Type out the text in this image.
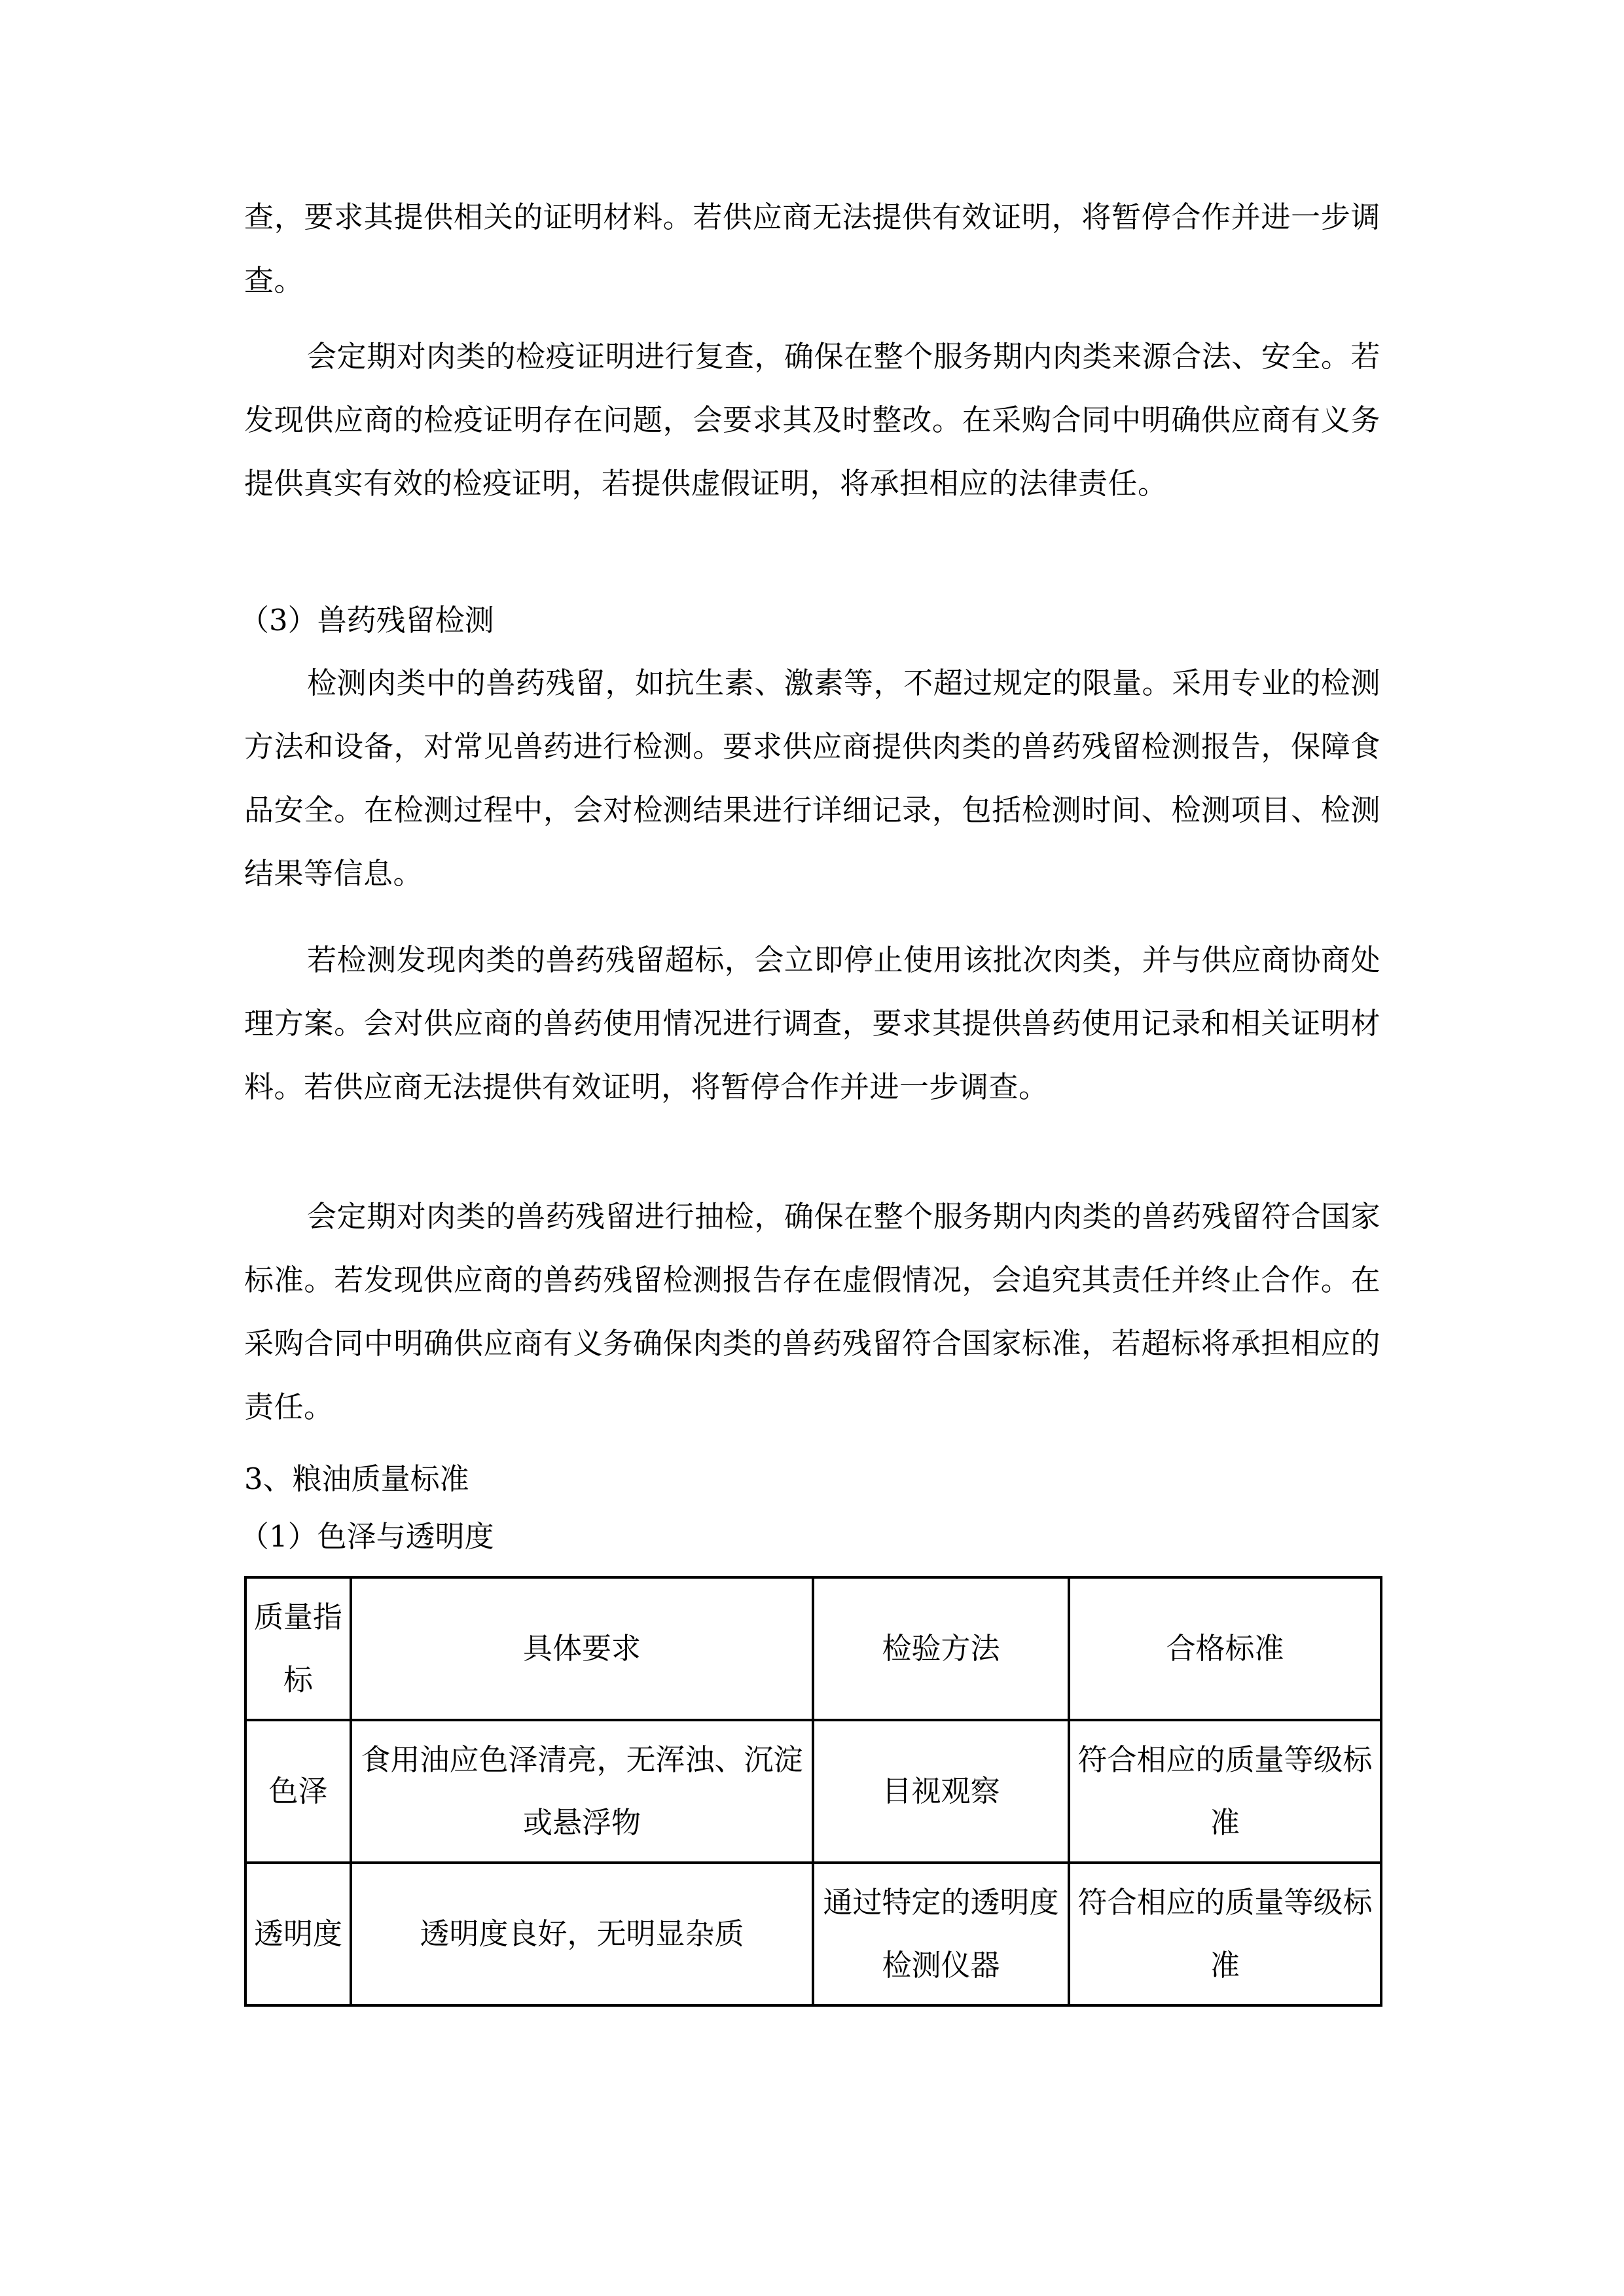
查，要求其提供相关的证明材料。若供应商无法提供有效证明，将暂停合作并进一步调查。

会定期对肉类的检疫证明进行复查，确保在整个服务期内肉类来源合法、安全。若发现供应商的检疫证明存在问题，会要求其及时整改。在采购合同中明确供应商有义务提供真实有效的检疫证明，若提供虚假证明，将承担相应的法律责任。

（3）兽药残留检测

检测肉类中的兽药残留，如抗生素、激素等，不超过规定的限量。采用专业的检测方法和设备，对常见兽药进行检测。要求供应商提供肉类的兽药残留检测报告，保障食品安全。在检测过程中，会对检测结果进行详细记录，包括检测时间、检测项目、检测结果等信息。

若检测发现肉类的兽药残留超标，会立即停止使用该批次肉类，并与供应商协商处理方案。会对供应商的兽药使用情况进行调查，要求其提供兽药使用记录和相关证明材料。若供应商无法提供有效证明，将暂停合作并进一步调查。

会定期对肉类的兽药残留进行抽检，确保在整个服务期内肉类的兽药残留符合国家标准。若发现供应商的兽药残留检测报告存在虚假情况，会追究其责任并终止合作。在采购合同中明确供应商有义务确保肉类的兽药残留符合国家标准，若超标将承担相应的责任。

3、粮油质量标准

（1）色泽与透明度

质量指标	具体要求	检验方法	合格标准
色泽	食用油应色泽清亮，无浑浊、沉淀或悬浮物	目视观察	符合相应的质量等级标准
透明度	透明度良好，无明显杂质	通过特定的透明度检测仪器	符合相应的质量等级标准
